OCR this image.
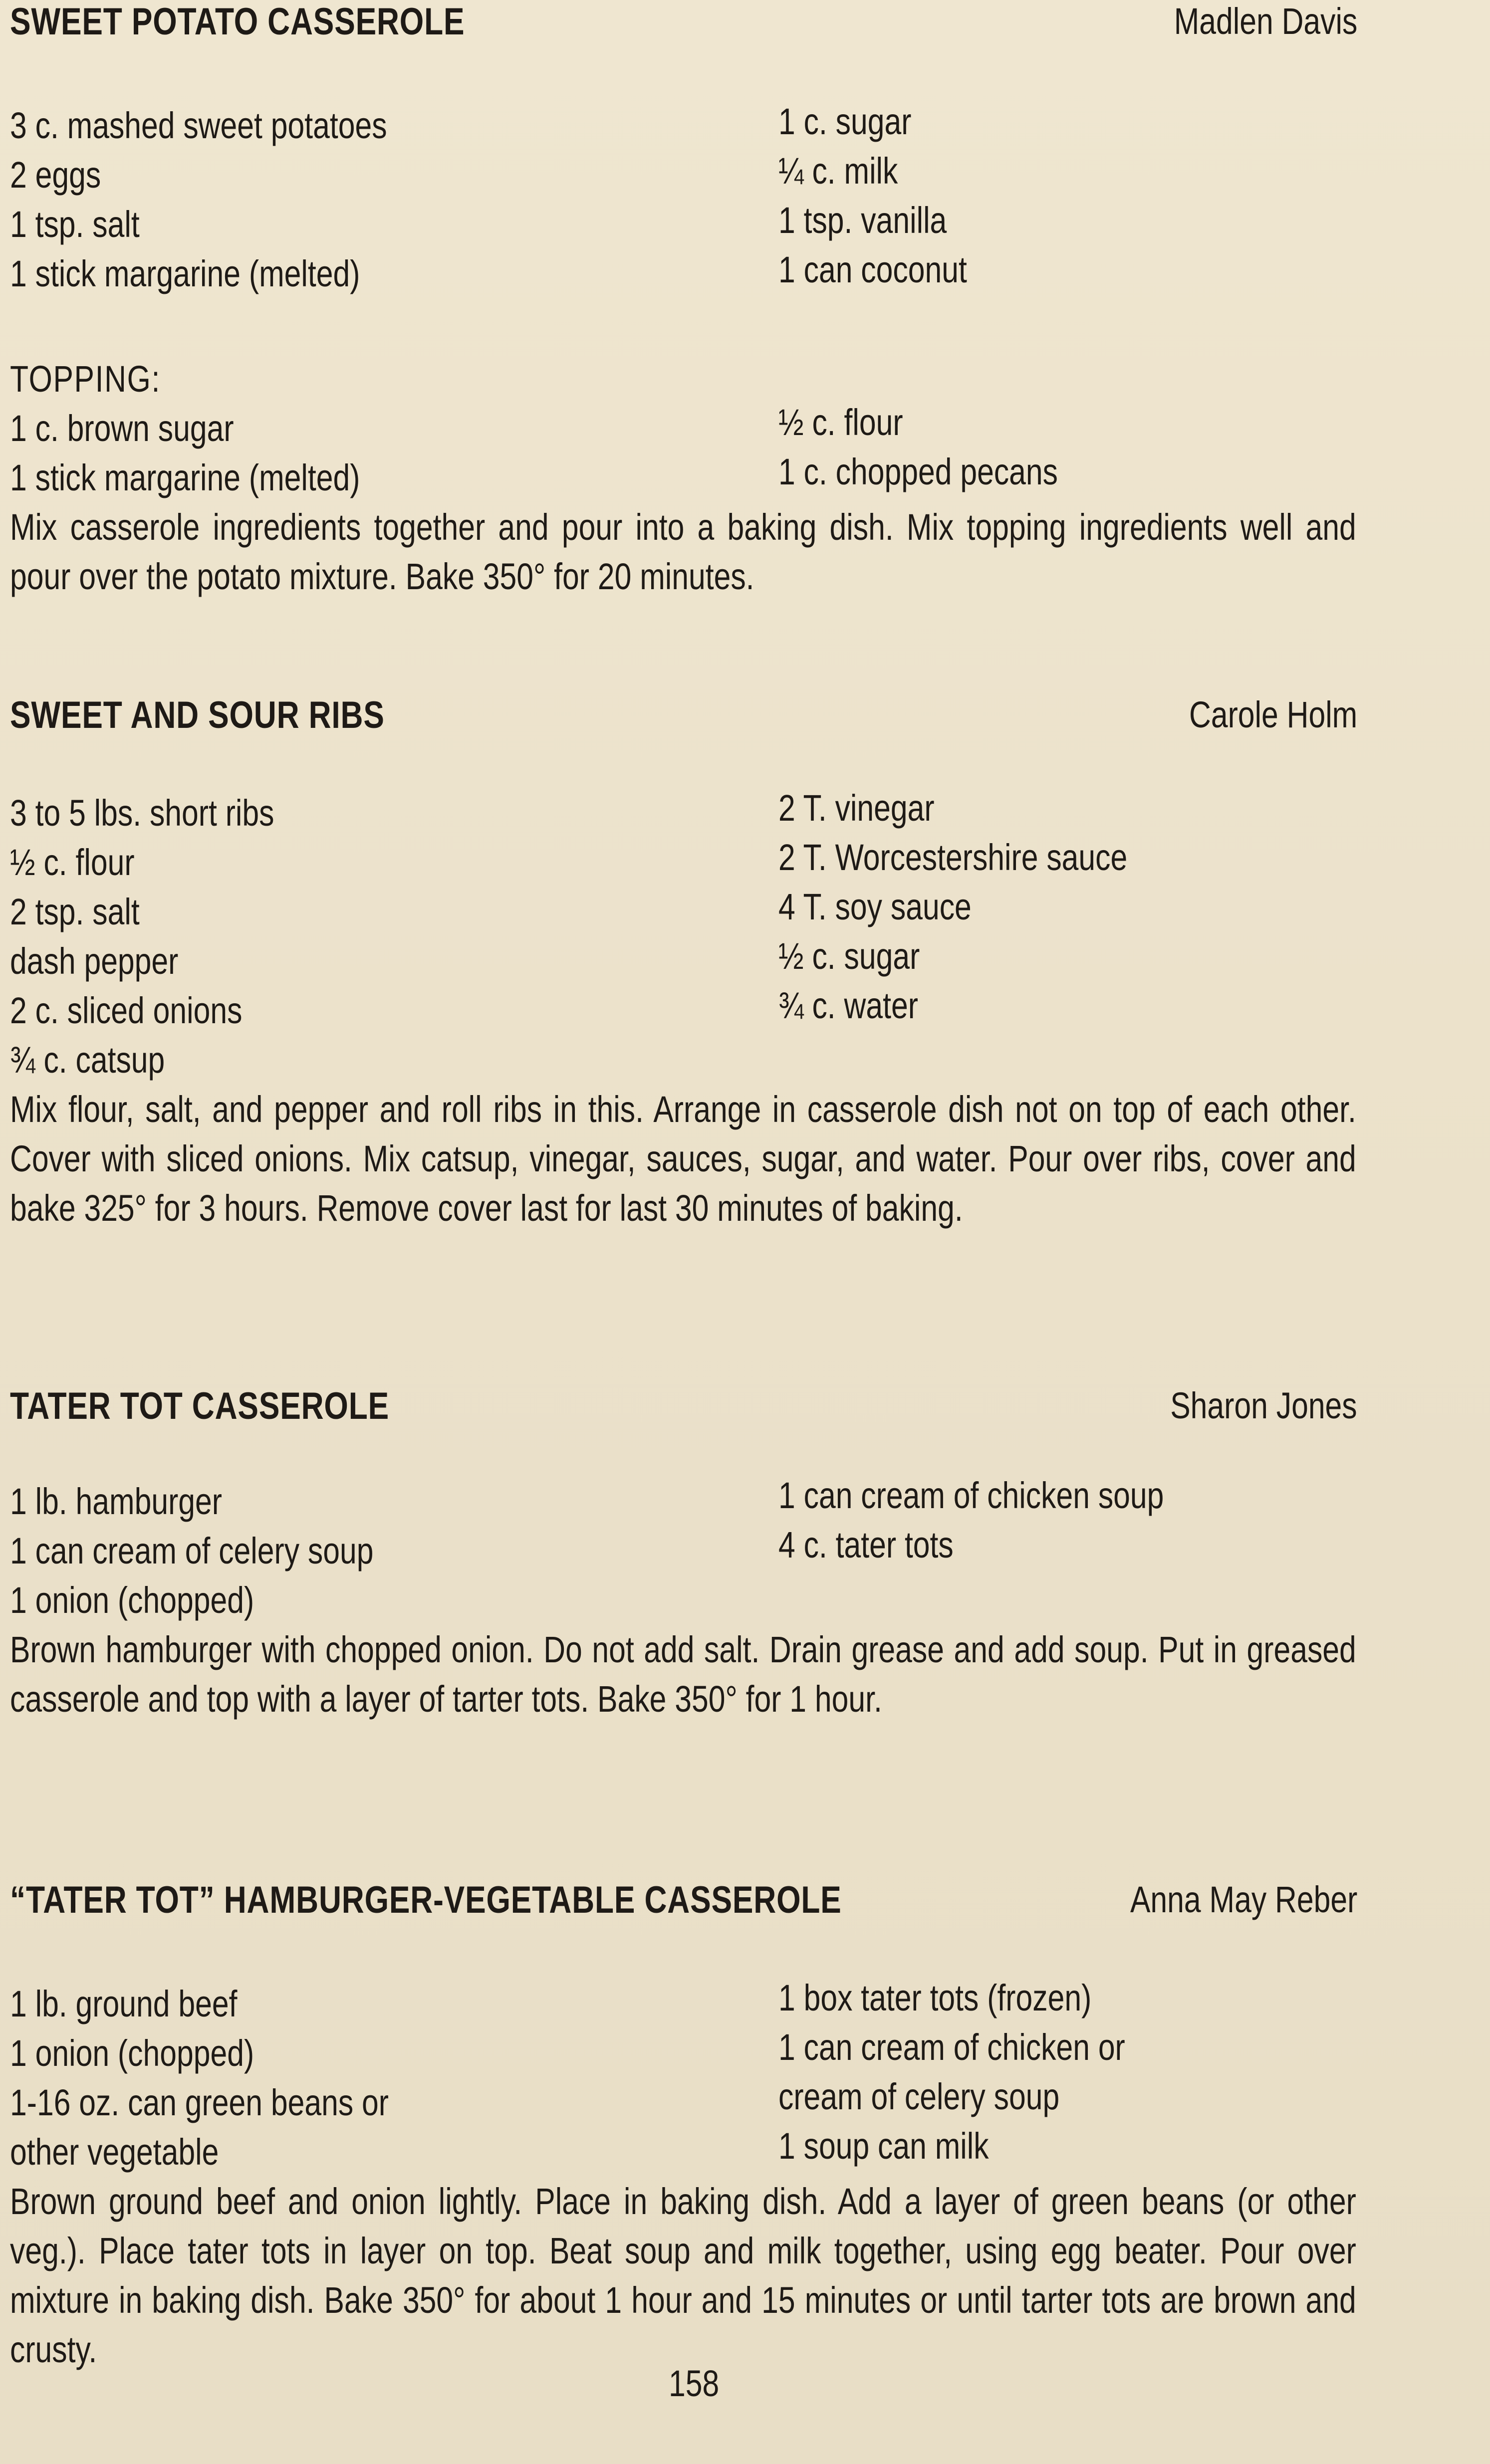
SWEET POTATO CASSEROLE	Madlen Davis
3 c. mashed sweet potatoes
2 eggs
1 tsp. salt
1 stick margarine (melted)
1 c. sugar
¼ c. milk
1 tsp. vanilla
1 can coconut
TOPPING:
1 c. brown sugar
1 stick margarine (melted)
½ c. flour
1 c. chopped pecans

Mix casserole ingredients together and pour into a baking dish. Mix topping ingredients well and pour over the potato mixture. Bake 350° for 20 minutes.

SWEET AND SOUR RIBS	Carole Holm
3 to 5 lbs. short ribs
½ c. flour
2 tsp. salt
dash pepper
2 c. sliced onions
¾ c. catsup
2 T. vinegar
2 T. Worcestershire sauce
4 T. soy sauce
½ c. sugar
¾ c. water

Mix flour, salt, and pepper and roll ribs in this. Arrange in casserole dish not on top of each other. Cover with sliced onions. Mix catsup, vinegar, sauces, sugar, and water. Pour over ribs, cover and bake 325° for 3 hours. Remove cover last for last 30 minutes of baking.

TATER TOT CASSEROLE	Sharon Jones
1 lb. hamburger
1 can cream of celery soup
1 onion (chopped)
1 can cream of chicken soup
4 c. tater tots

Brown hamburger with chopped onion. Do not add salt. Drain grease and add soup. Put in greased casserole and top with a layer of tarter tots. Bake 350° for 1 hour.

“TATER TOT” HAMBURGER-VEGETABLE CASSEROLE	Anna May Reber
1 lb. ground beef
1 onion (chopped)
1-16 oz. can green beans or
other vegetable
1 box tater tots (frozen)
1 can cream of chicken or
cream of celery soup
1 soup can milk

Brown ground beef and onion lightly. Place in baking dish. Add a layer of green beans (or other veg.). Place tater tots in layer on top. Beat soup and milk together, using egg beater. Pour over mixture in baking dish. Bake 350° for about 1 hour and 15 minutes or until tarter tots are brown and crusty.

158
